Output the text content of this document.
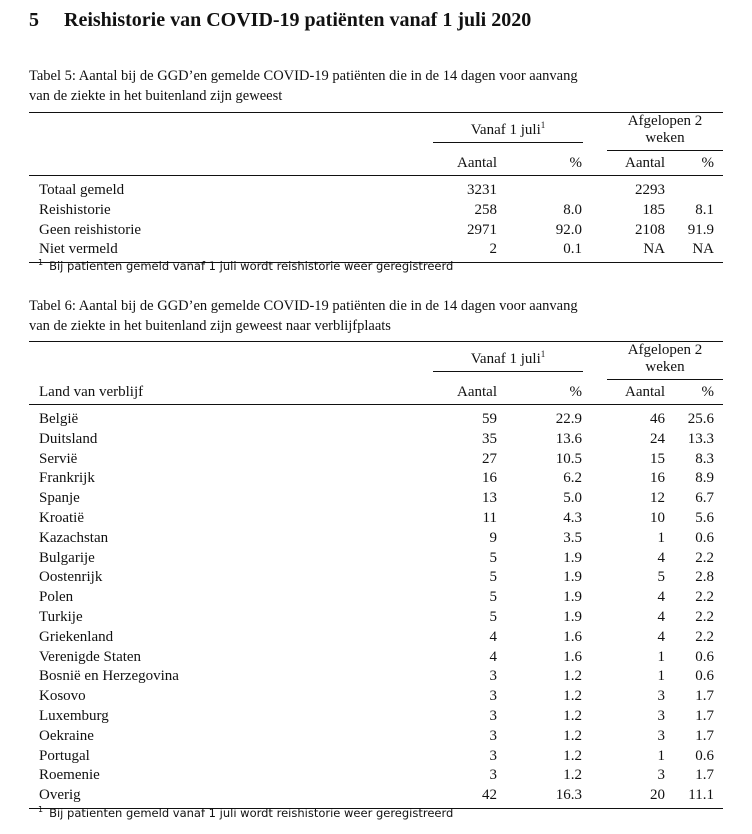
5 Reishistorie van COVID-19 patiënten vanaf 1 juli 2020
Tabel 5: Aantal bij de GGD’en gemelde COVID-19 patiënten die in de 14 dagen voor aanvang
van de ziekte in het buitenland zijn geweest

	Vanaf 1 juli$^1$		Afgelopen 2 weken	

	Aantal	%	Aantal	%
Totaal gemeld	3231		2293	
Reishistorie	258	8.0	185	8.1
Geen reishistorie	2971	92.0	2108	91.9
Niet vermeld	2	0.1	NA	NA
$^1$ Bij patienten gemeld vanaf 1 juli wordt reishistorie weer geregistreerd
Tabel 6: Aantal bij de GGD’en gemelde COVID-19 patiënten die in de 14 dagen voor aanvang
van de ziekte in het buitenland zijn geweest naar verblijfplaats

	Vanaf 1 juli$^1$		Afgelopen 2 weken	

Land van verblijf	Aantal	%	Aantal	%
België	59	22.9	46	25.6
Duitsland	35	13.6	24	13.3
Servië	27	10.5	15	8.3
Frankrijk	16	6.2	16	8.9
Spanje	13	5.0	12	6.7
Kroatië	11	4.3	10	5.6
Kazachstan	9	3.5	1	0.6
Bulgarije	5	1.9	4	2.2
Oostenrijk	5	1.9	5	2.8
Polen	5	1.9	4	2.2
Turkije	5	1.9	4	2.2
Griekenland	4	1.6	4	2.2
Verenigde Staten	4	1.6	1	0.6
Bosnië en Herzegovina	3	1.2	1	0.6
Kosovo	3	1.2	3	1.7
Luxemburg	3	1.2	3	1.7
Oekraine	3	1.2	3	1.7
Portugal	3	1.2	1	0.6
Roemenie	3	1.2	3	1.7
Overig	42	16.3	20	11.1
$^1$ Bij patienten gemeld vanaf 1 juli wordt reishistorie weer geregistreerd
